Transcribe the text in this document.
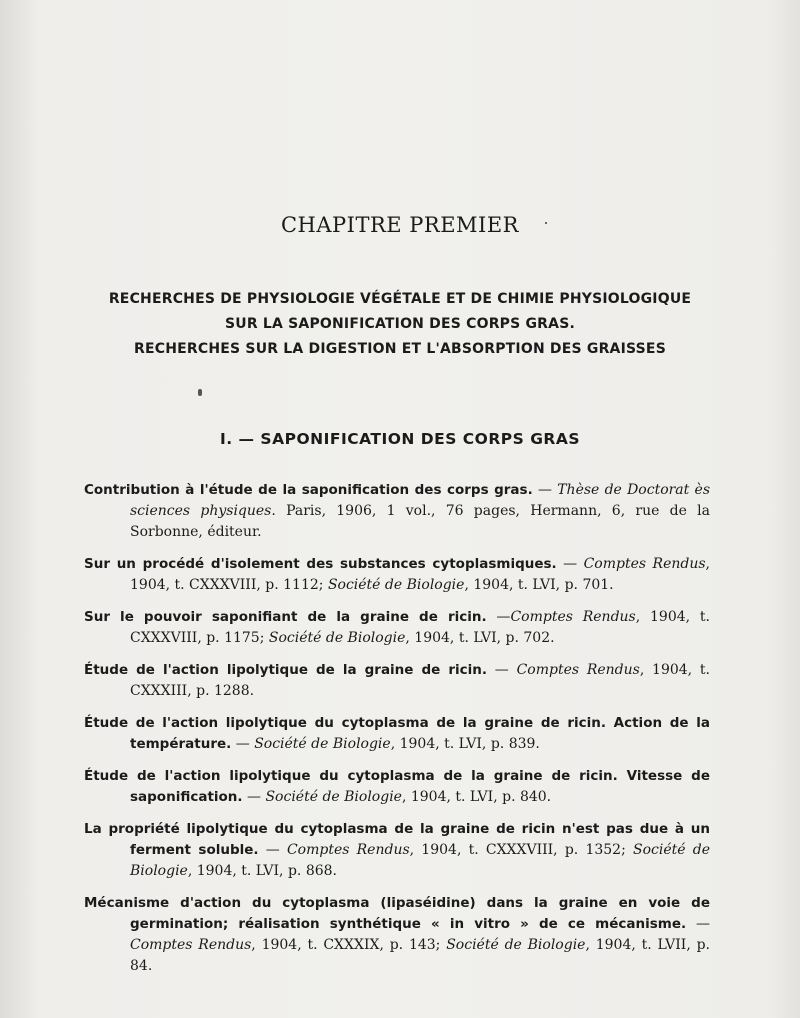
CHAPITRE PREMIER
RECHERCHES DE PHYSIOLOGIE VÉGÉTALE ET DE CHIMIE PHYSIOLOGIQUE
SUR LA SAPONIFICATION DES CORPS GRAS.
RECHERCHES SUR LA DIGESTION ET L'ABSORPTION DES GRAISSES
I. — SAPONIFICATION DES CORPS GRAS

Contribution à l'étude de la saponification des corps gras. — Thèse de Doctorat ès sciences physiques. Paris, 1906, 1 vol., 76 pages, Hermann, 6, rue de la Sorbonne, éditeur.

Sur un procédé d'isolement des substances cytoplasmiques. — Comptes Rendus, 1904, t. CXXXVIII, p. 1112; Société de Biologie, 1904, t. LVI, p. 701.

Sur le pouvoir saponifiant de la graine de ricin. —Comptes Rendus, 1904, t. CXXXVIII, p. 1175; Société de Biologie, 1904, t. LVI, p. 702.

Étude de l'action lipolytique de la graine de ricin. — Comptes Rendus, 1904, t. CXXXIII, p. 1288.

Étude de l'action lipolytique du cytoplasma de la graine de ricin. Action de la température. — Société de Biologie, 1904, t. LVI, p. 839.

Étude de l'action lipolytique du cytoplasma de la graine de ricin. Vitesse de saponification. — Société de Biologie, 1904, t. LVI, p. 840.

La propriété lipolytique du cytoplasma de la graine de ricin n'est pas due à un ferment soluble. — Comptes Rendus, 1904, t. CXXXVIII, p. 1352; Société de Biologie, 1904, t. LVI, p. 868.

Mécanisme d'action du cytoplasma (lipaséidine) dans la graine en voie de germination; réalisation synthétique « in vitro » de ce mécanisme. — Comptes Rendus, 1904, t. CXXXIX, p. 143; Société de Biologie, 1904, t. LVII, p. 84.
